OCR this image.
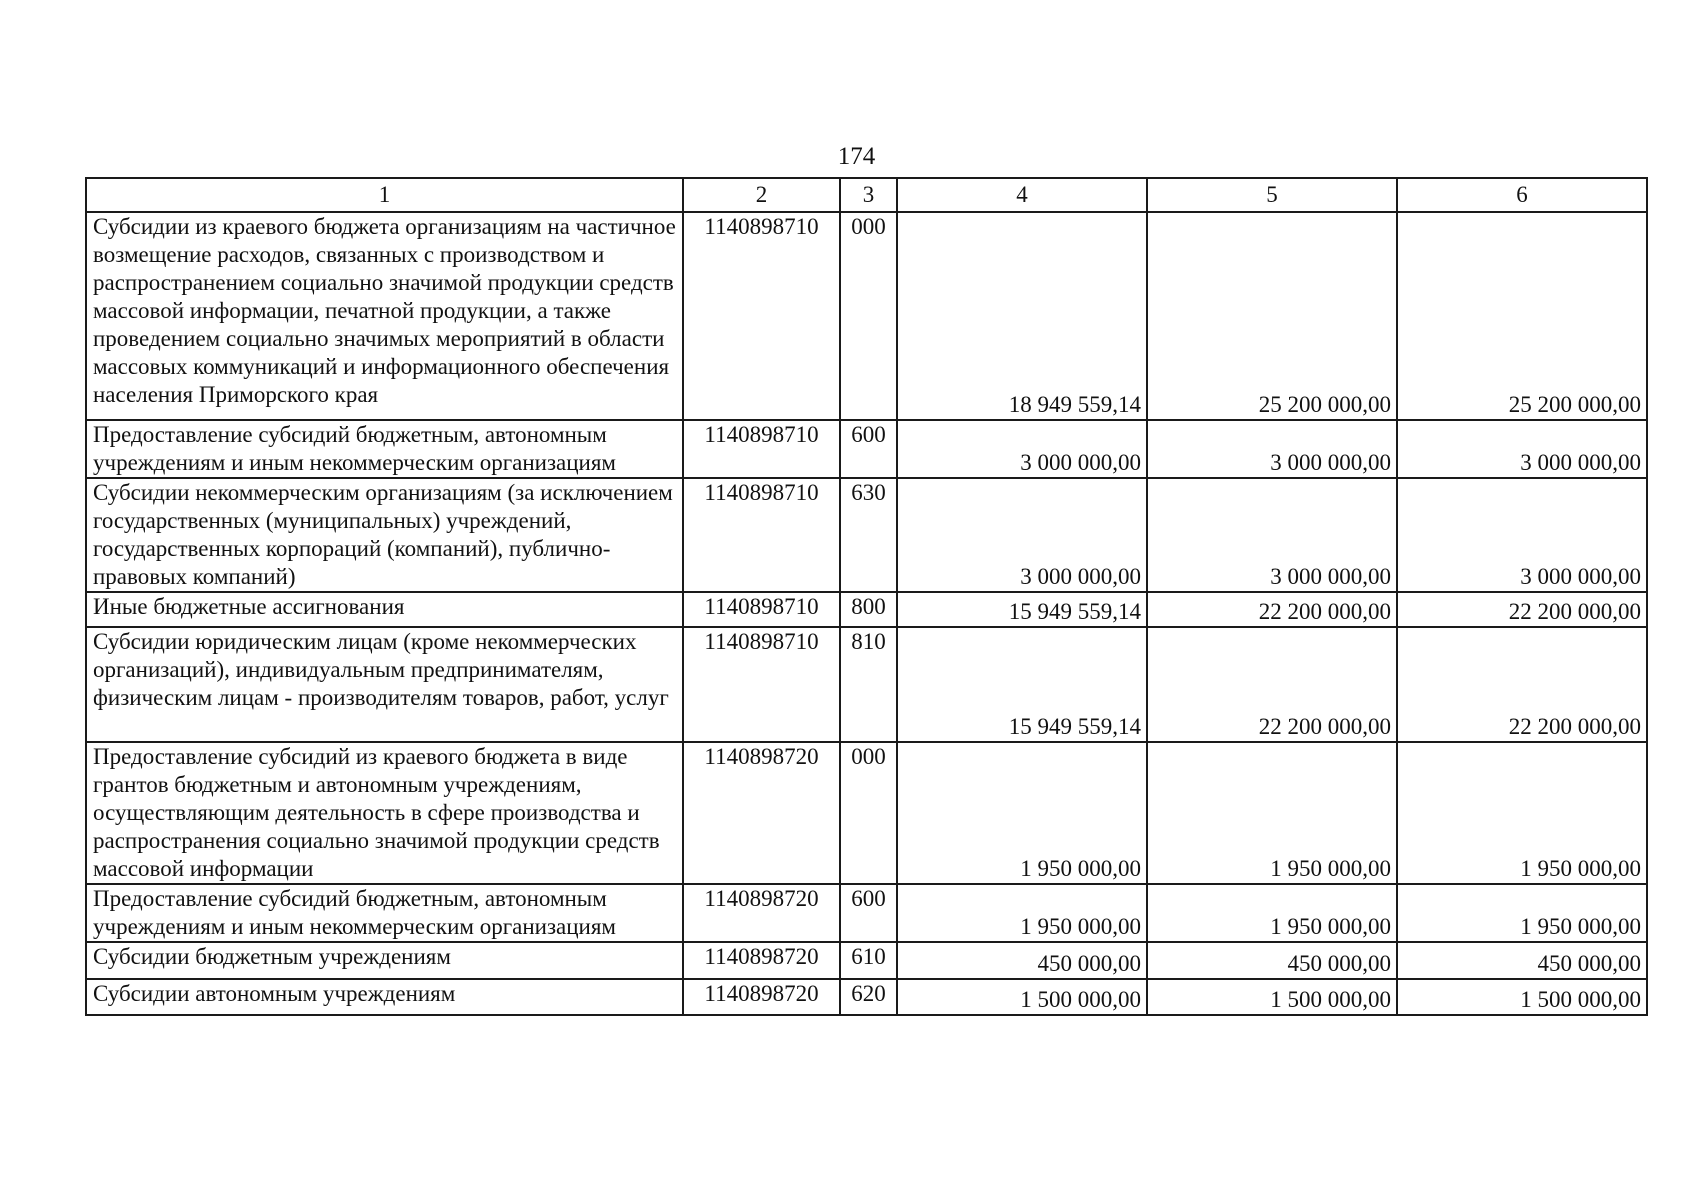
174
1	2	3	4	5	6
Субсидии из краевого бюджета организациям на частичное возмещение расходов, связанных с производством и распространением социально значимой продукции средств массовой информации, печатной продукции, а также проведением социально значимых мероприятий в области массовых коммуникаций и информационного обеспечения населения Приморского края	1140898710	000	18 949 559,14	25 200 000,00	25 200 000,00
Предоставление субсидий бюджетным, автономным учреждениям и иным некоммерческим организациям	1140898710	600	3 000 000,00	3 000 000,00	3 000 000,00
Субсидии некоммерческим организациям (за исключением государственных (муниципальных) учреждений, государственных корпораций (компаний), публично-правовых компаний)	1140898710	630	3 000 000,00	3 000 000,00	3 000 000,00
Иные бюджетные ассигнования	1140898710	800	15 949 559,14	22 200 000,00	22 200 000,00
Субсидии юридическим лицам (кроме некоммерческих организаций), индивидуальным предпринимателям, физическим лицам - производителям товаров, работ, услуг	1140898710	810	15 949 559,14	22 200 000,00	22 200 000,00
Предоставление субсидий из краевого бюджета в виде грантов бюджетным и автономным учреждениям, осуществляющим деятельность в сфере производства и распространения социально значимой продукции средств массовой информации	1140898720	000	1 950 000,00	1 950 000,00	1 950 000,00
Предоставление субсидий бюджетным, автономным учреждениям и иным некоммерческим организациям	1140898720	600	1 950 000,00	1 950 000,00	1 950 000,00
Субсидии бюджетным учреждениям	1140898720	610	450 000,00	450 000,00	450 000,00
Субсидии автономным учреждениям	1140898720	620	1 500 000,00	1 500 000,00	1 500 000,00
